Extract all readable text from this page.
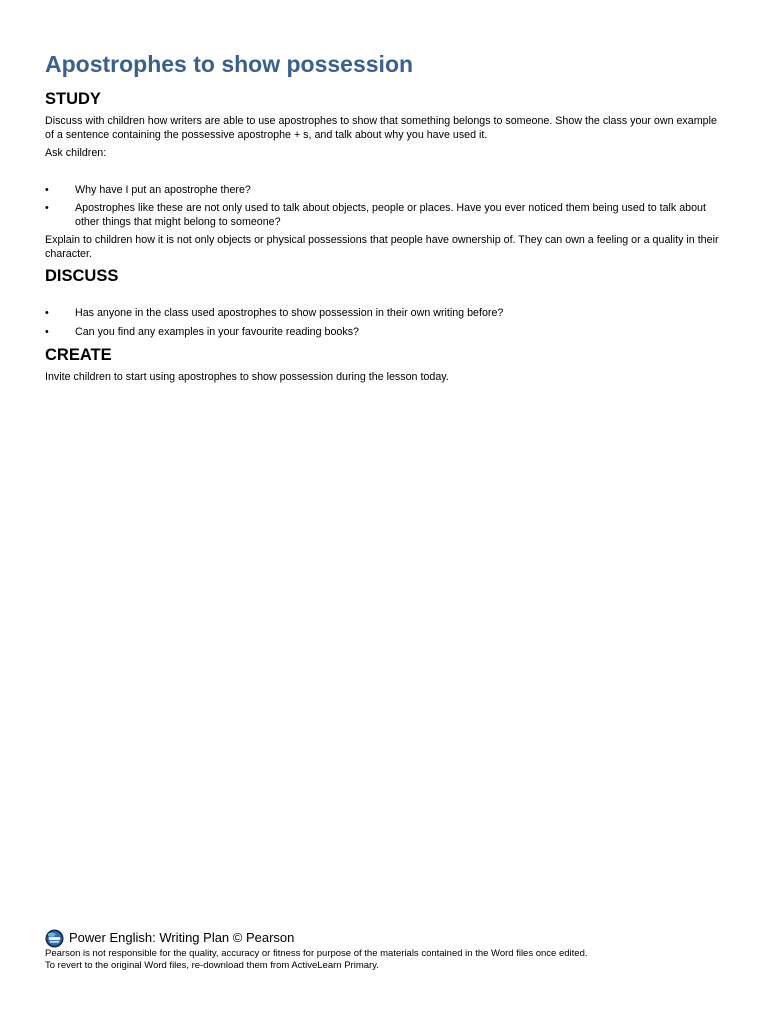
Apostrophes to show possession
STUDY

Discuss with children how writers are able to use apostrophes to show that something belongs to someone. Show the class your own example of a sentence containing the possessive apostrophe + s, and talk about why you have used it.

Ask children:

• Why have I put an apostrophe there?
• Apostrophes like these are not only used to talk about objects, people or places. Have you ever noticed them being used to talk about other things that might belong to someone?

Explain to children how it is not only objects or physical possessions that people have ownership of. They can own a feeling or a quality in their character.

DISCUSS
• Has anyone in the class used apostrophes to show possession in their own writing before?
• Can you find any examples in your favourite reading books?
CREATE

Invite children to start using apostrophes to show possession during the lesson today.

Power English: Writing Plan © Pearson

Pearson is not responsible for the quality, accuracy or fitness for purpose of the materials contained in the Word files once edited.

To revert to the original Word files, re-download them from ActiveLearn Primary.
